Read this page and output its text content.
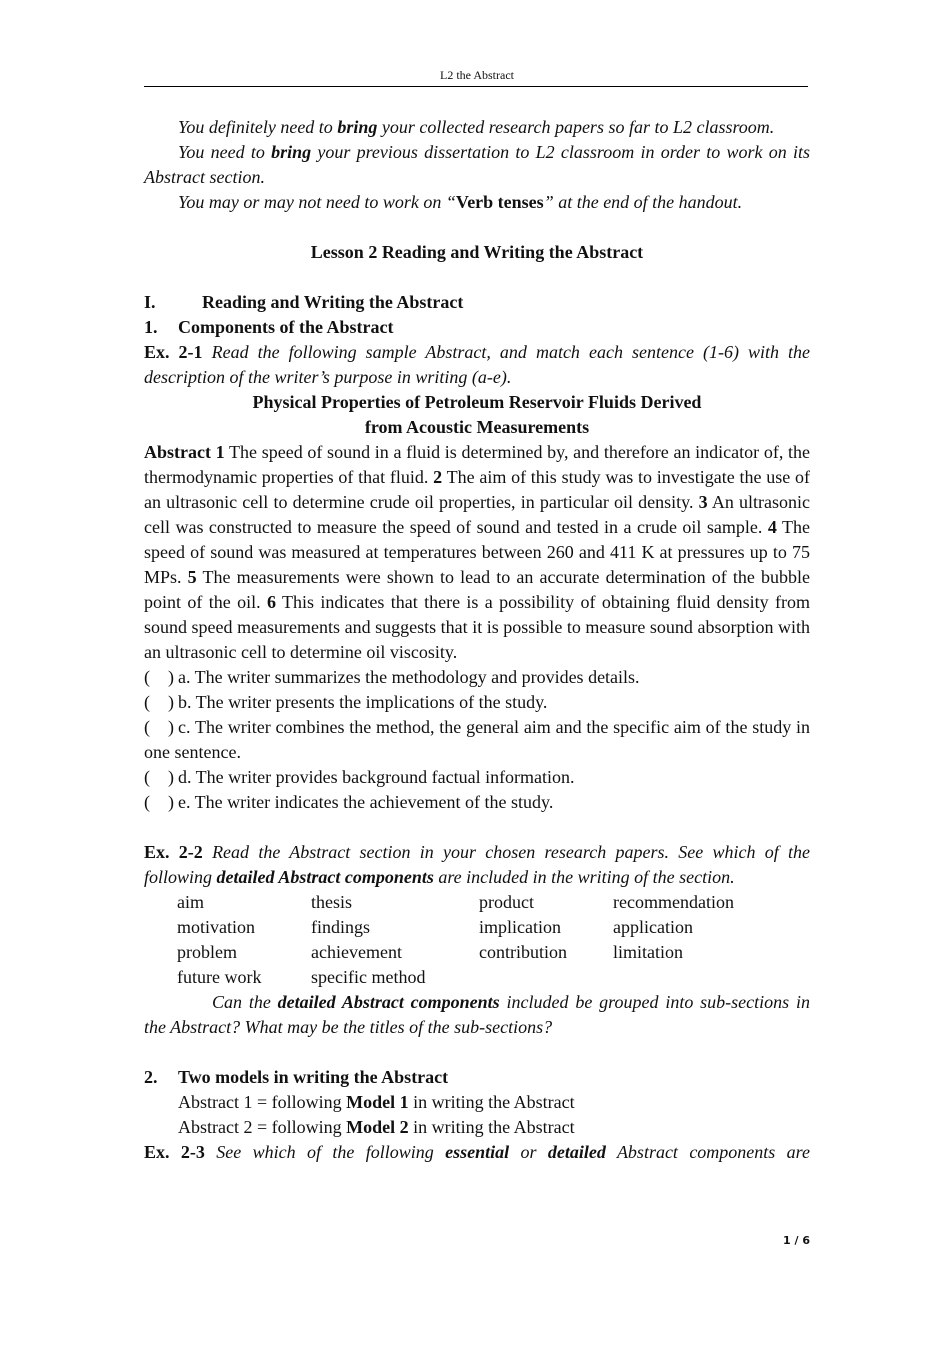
L2 the Abstract

You definitely need to bring your collected research papers so far to L2 classroom.

You need to bring your previous dissertation to L2 classroom in order to work on its Abstract section.

You may or may not need to work on “Verb tenses” at the end of the handout.

Lesson 2 Reading and Writing the Abstract

I.	Reading and Writing the Abstract
1.	Components of the Abstract

Ex. 2-1 Read the following sample Abstract, and match each sentence (1-6) with the description of the writer’s purpose in writing (a-e).

Physical Properties of Petroleum Reservoir Fluids Derived

from Acoustic Measurements

Abstract 1 The speed of sound in a fluid is determined by, and therefore an indicator of, the thermodynamic properties of that fluid. 2 The aim of this study was to investigate the use of an ultrasonic cell to determine crude oil properties, in particular oil density. 3 An ultrasonic cell was constructed to measure the speed of sound and tested in a crude oil sample. 4 The speed of sound was measured at temperatures between 260 and 411 K at pressures up to 75 MPs. 5 The measurements were shown to lead to an accurate determination of the bubble point of the oil. 6 This indicates that there is a possibility of obtaining fluid density from sound speed measurements and suggests that it is possible to measure sound absorption with an ultrasonic cell to determine oil viscosity.

(    ) a. The writer summarizes the methodology and provides details.
(    ) b. The writer presents the implications of the study.

(    ) c. The writer combines the method, the general aim and the specific aim of the study in one sentence.

(    ) d. The writer provides background factual information.
(    ) e. The writer indicates the achievement of the study.

Ex. 2-2 Read the Abstract section in your chosen research papers. See which of the following detailed Abstract components are included in the writing of the section.

aim	thesis	product	recommendation
motivation	findings	implication	application
problem	achievement	contribution	limitation
future work	specific method

Can the detailed Abstract components included be grouped into sub-sections in the Abstract? What may be the titles of the sub-sections?

2.	Two models in writing the Abstract

Abstract 1 = following Model 1 in writing the Abstract

Abstract 2 = following Model 2 in writing the Abstract

Ex. 2-3 See which of the following essential or detailed Abstract components are

1 / 6
